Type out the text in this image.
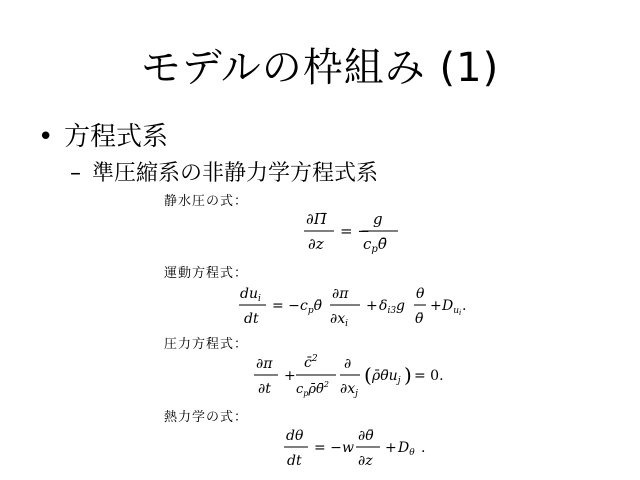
モデルの枠組み (1)
• 方程式系
– 準圧縮系の非静力学方程式系
静水圧の式：
∂Π̄
∂z
= −
g
$c_p\thetā$
運動方程式：
$du_i$
dt
= − $c_p\thetā$
∂π
$\partial x_i$
+ $\delta_{i3}g$
θ
θ̄
+ $D_ui$ .
圧力方程式：
∂π
∂t
+
c̄$^2$
$c_p\rhō\thetā^2$
∂
$\partial x_j$
( $\rhō\thetāu_j$ ) = 0.
熱力学の式：
dθ
dt
= − w
∂θ̄
∂z
+ $D_\theta$ .
